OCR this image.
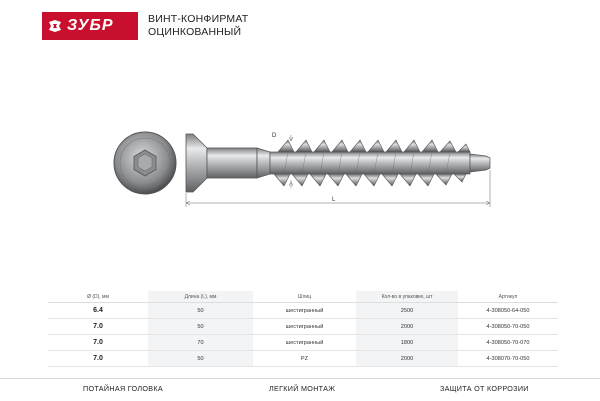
ЗУБР	ВИНТ-КОНФИРМАТ
ОЦИНКОВАННЫЙ
D
L
Ø (D), мм	Длина (L), мм	Шлиц	Кол-во в упаковке, шт	Артикул
6.4	50	шестигранный	2500	4-308050-64-050
7.0	50	шестигранный	2000	4-308050-70-050
7.0	70	шестигранный	1800	4-308050-70-070
7.0	50	PZ	2000	4-308070-70-050
ПОТАЙНАЯ ГОЛОВКА	ЛЕГКИЙ МОНТАЖ	ЗАЩИТА ОТ КОРРОЗИИ
